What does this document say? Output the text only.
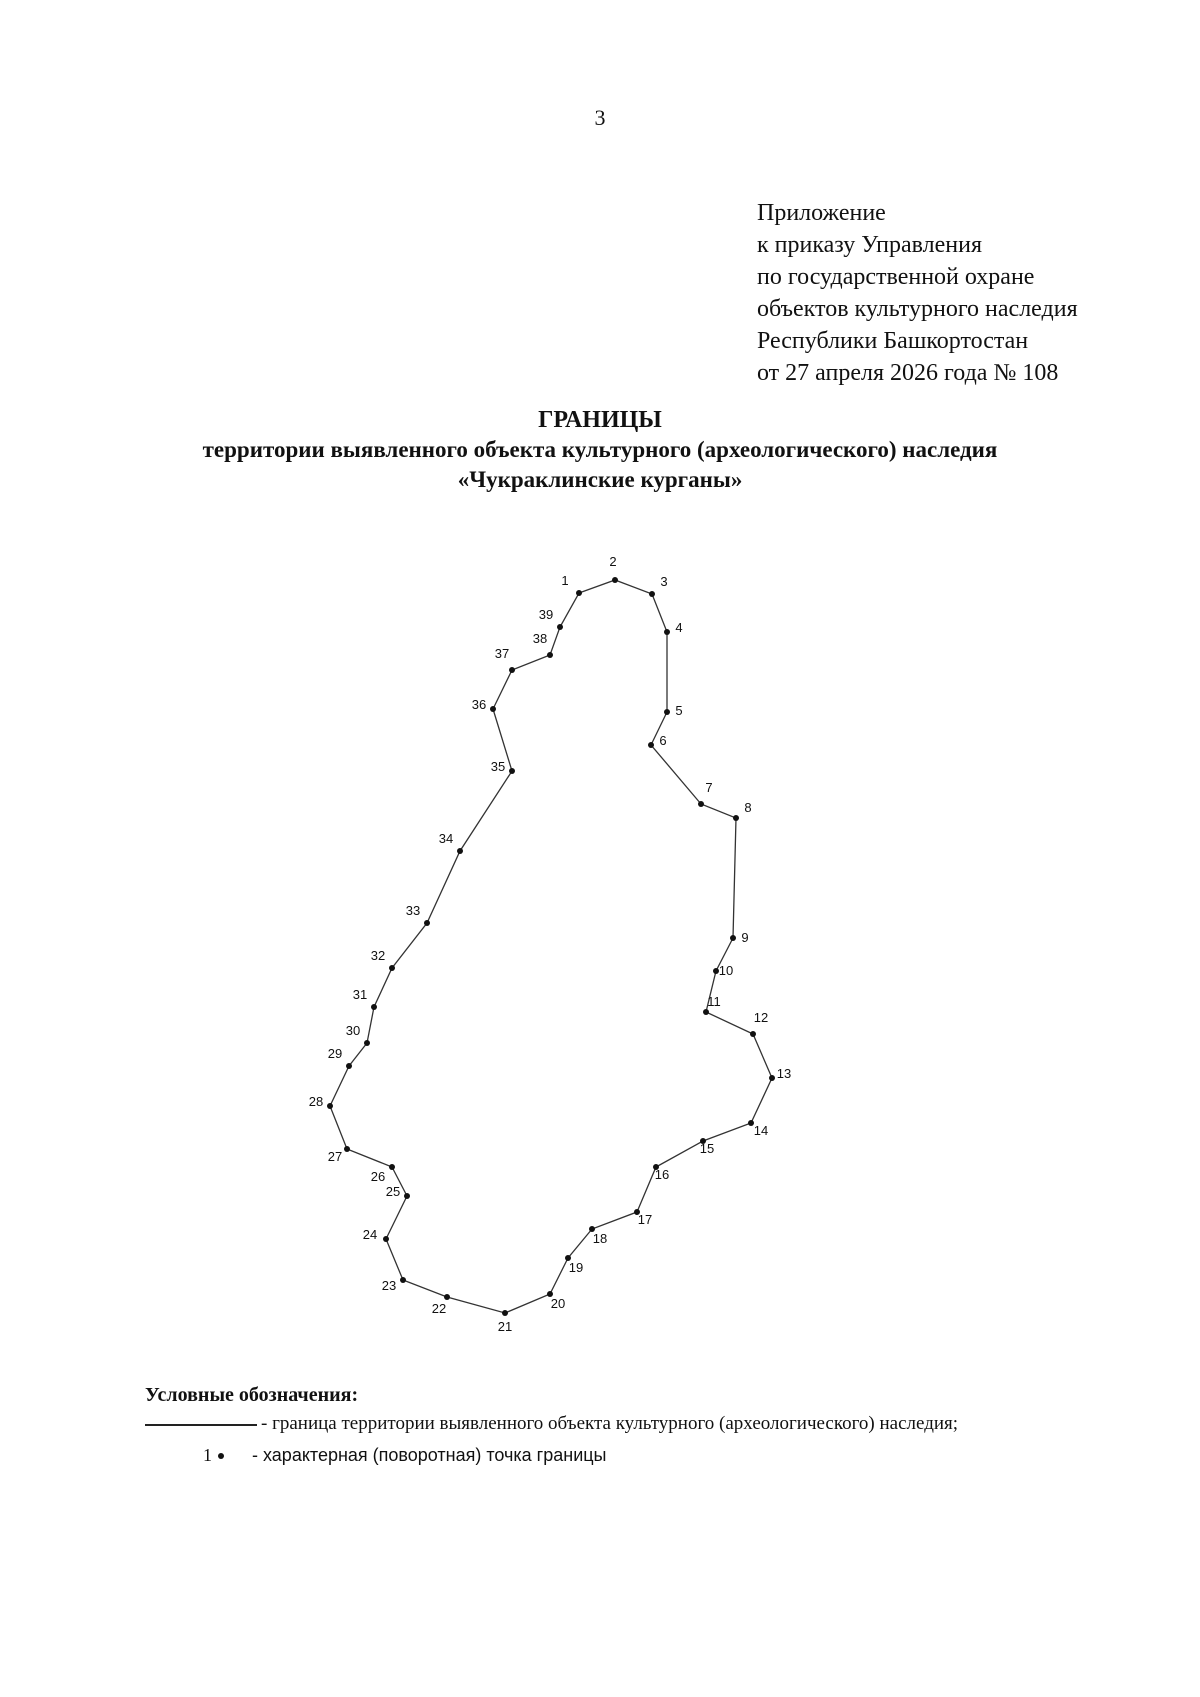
3
Приложение
к приказу Управления
по государственной охране
объектов культурного наследия
Республики Башкортостан
от 27 апреля 2026 года № 108
ГРАНИЦЫ
территории выявленного объекта культурного (археологического) наследия
«Чукраклинские курганы»
1
2
3
4
5
6
7
8
9
10
11
12
13
14
15
16
17
18
19
20
21
22
23
24
25
26
27
28
29
30
31
32
33
34
35
36
37
38
39
Условные обозначения:
- граница территории выявленного объекта культурного (археологического) наследия;
1 - характерная (поворотная) точка границы
